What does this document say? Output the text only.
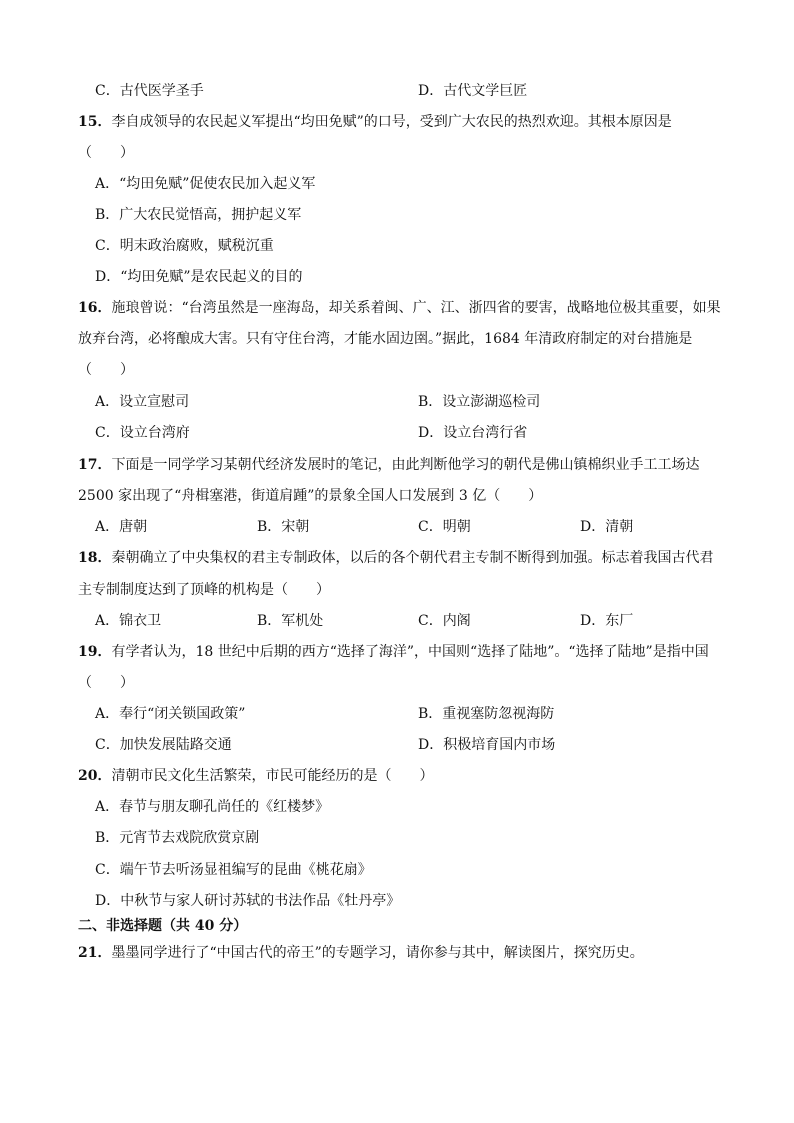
C．古代医学圣手	D．古代文学巨匠
15．李自成领导的农民起义军提出“均田免赋”的口号，受到广大农民的热烈欢迎。其根本原因是
（　　）
A．“均田免赋”促使农民加入起义军
B．广大农民觉悟高，拥护起义军
C．明末政治腐败，赋税沉重
D．“均田免赋”是农民起义的目的
16．施琅曾说：“台湾虽然是一座海岛，却关系着闽、广、江、浙四省的要害，战略地位极其重要，如果
放弃台湾，必将酿成大害。只有守住台湾，才能水固边圉。”据此，1684 年清政府制定的对台措施是
（　　）
A．设立宣慰司	B．设立澎湖巡检司
C．设立台湾府	D．设立台湾行省
17．下面是一同学学习某朝代经济发展时的笔记，由此判断他学习的朝代是佛山镇棉织业手工工场达
2500 家出现了“舟楫塞港，街道肩踵”的景象全国人口发展到 3 亿（　　）
A．唐朝	B．宋朝	C．明朝	D．清朝
18．秦朝确立了中央集权的君主专制政体，以后的各个朝代君主专制不断得到加强。标志着我国古代君
主专制制度达到了顶峰的机构是（　　）
A．锦衣卫	B．军机处	C．内阁	D．东厂
19．有学者认为，18 世纪中后期的西方“选择了海洋”，中国则“选择了陆地”。“选择了陆地”是指中国
（　　）
A．奉行“闭关锁国政策”	B．重视塞防忽视海防
C．加快发展陆路交通	D．积极培育国内市场
20．清朝市民文化生活繁荣，市民可能经历的是（　　）
A．春节与朋友聊孔尚任的《红楼梦》
B．元宵节去戏院欣赏京剧
C．端午节去听汤显祖编写的昆曲《桃花扇》
D．中秋节与家人研讨苏轼的书法作品《牡丹亭》
二、非选择题（共 40 分）
21．墨墨同学进行了“中国古代的帝王”的专题学习，请你参与其中，解读图片，探究历史。
